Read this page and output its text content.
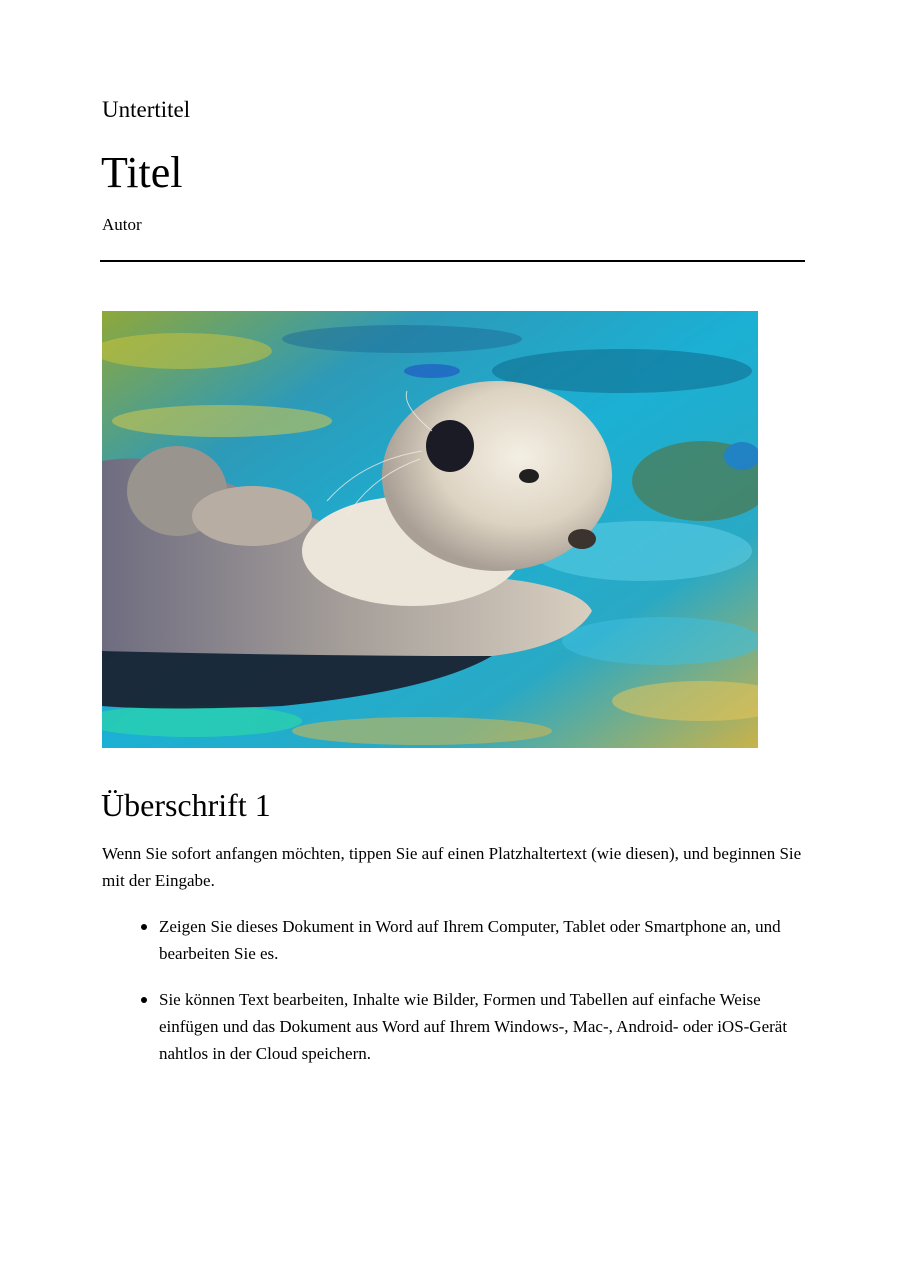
Untertitel
Titel
Autor
Überschrift 1
Wenn Sie sofort anfangen möchten, tippen Sie auf einen Platzhaltertext (wie diesen), und beginnen Sie mit der Eingabe.
Zeigen Sie dieses Dokument in Word auf Ihrem Computer, Tablet oder Smartphone an, und bearbeiten Sie es.
Sie können Text bearbeiten, Inhalte wie Bilder, Formen und Tabellen auf einfache Weise einfügen und das Dokument aus Word auf Ihrem Windows-, Mac-, Android- oder iOS-Gerät nahtlos in der Cloud speichern.
